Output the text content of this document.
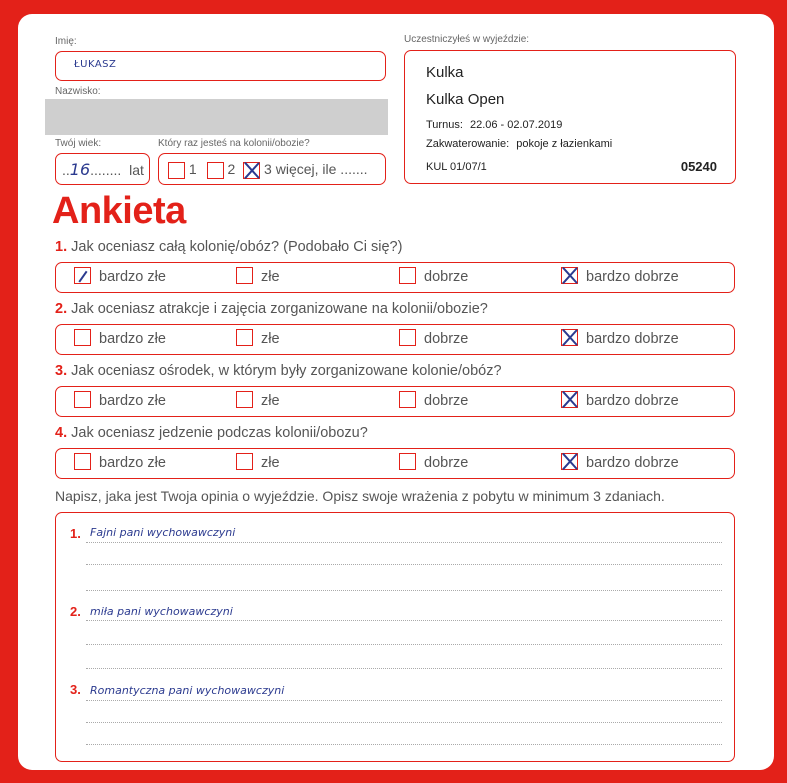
Imię:
ŁUKASZ
Nazwisko:
Twój wiek:
..16........ lat
Który raz jesteś na kolonii/obozie?
1 2 3 więcej, ile .......
Uczestniczyłeś w wyjeździe:
Kulka
Kulka Open
Turnus: 22.06 - 02.07.2019
Zakwaterowanie: pokoje z łazienkami
KUL 01/07/1	05240
Ankieta
1. Jak oceniasz całą kolonię/obóz? (Podobało Ci się?)
bardzo złe	złe	dobrze	bardzo dobrze
2. Jak oceniasz atrakcje i zajęcia zorganizowane na kolonii/obozie?
bardzo złe	złe	dobrze	bardzo dobrze
3. Jak oceniasz ośrodek, w którym były zorganizowane kolonie/obóz?
bardzo złe	złe	dobrze	bardzo dobrze
4. Jak oceniasz jedzenie podczas kolonii/obozu?
bardzo złe	złe	dobrze	bardzo dobrze
Napisz, jaka jest Twoja opinia o wyjeździe. Opisz swoje wrażenia z pobytu w minimum 3 zdaniach.
1. Fajni pani wychowawczyni
2. miła pani wychowawczyni
3. Romantyczna pani wychowawczyni
